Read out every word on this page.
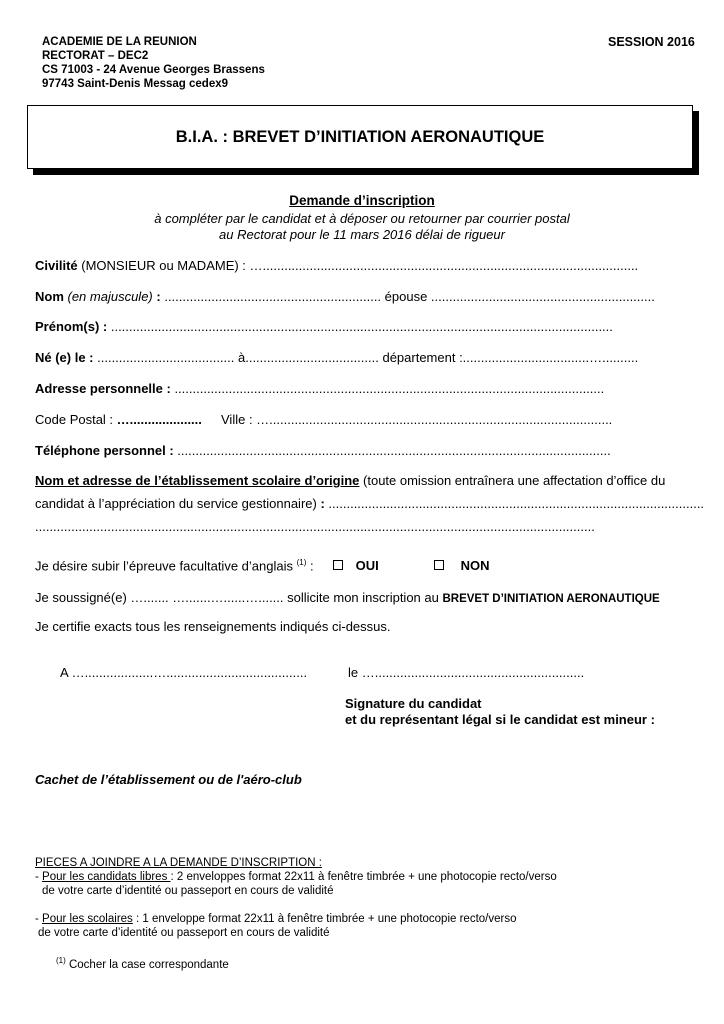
ACADEMIE DE LA REUNION
RECTORAT – DEC2
CS 71003 - 24 Avenue Georges Brassens
97743 Saint-Denis Messag cedex9
SESSION 2016
B.I.A. : BREVET D’INITIATION AERONAUTIQUE
Demande d’inscription
à compléter par le candidat et à déposer ou retourner par courrier postal
au Rectorat pour le 11 mars 2016 délai de rigueur
Civilité (MONSIEUR ou MADAME) : …........................................................................................................
Nom (en majuscule) : ............................................................ épouse ..............................................................
Prénom(s) : ...........................................................................................................................................
Né (e) le : ...................................... à..................................... département :...................................…..........
Adresse personnelle : .......................................................................................................................
Code Postal : ….................... Ville : …...............................................................................................
Téléphone personnel : ........................................................................................................................
Nom et adresse de l’établissement scolaire d’origine (toute omission entraînera une affectation d’office du
candidat à l’appréciation du service gestionnaire) : ........................................................................................................
...........................................................................................................................................................
Je désire subir l’épreuve facultative d’anglais $^{(1)}$ :	OUI	NON
Je soussigné(e) …....... ….......…......…....... sollicite mon inscription au BREVET D’INITIATION AERONAUTIQUE
Je certifie exacts tous les renseignements indiqués ci-dessus.
A …...................….......................................	le …..........................................................
Signature du candidat
et du représentant légal si le candidat est mineur :
Cachet de l’établissement ou de l'aéro-club
PIECES A JOINDRE A LA DEMANDE D’INSCRIPTION :
- Pour les candidats libres : 2 enveloppes format 22x11 à fenêtre timbrée + une photocopie recto/verso
de votre carte d’identité ou passeport en cours de validité
- Pour les scolaires : 1 enveloppe format 22x11 à fenêtre timbrée + une photocopie recto/verso
de votre carte d’identité ou passeport en cours de validité
$^{(1)}$ Cocher la case correspondante
